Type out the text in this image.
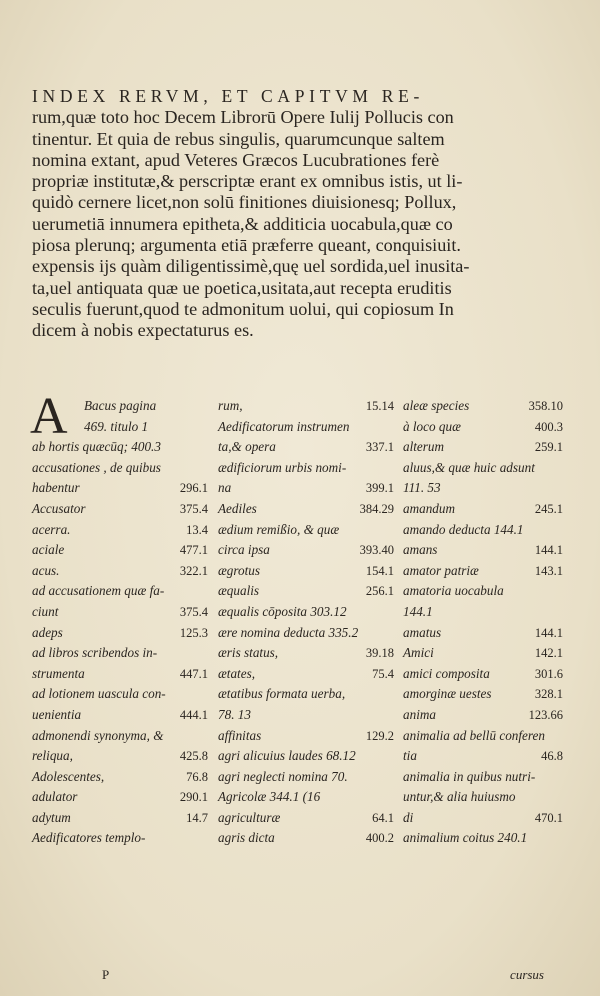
INDEX RERVM, ET CAPITVM RE-
rum,quæ toto hoc Decem Librorū Opere Iulij Pollucis con
tinentur. Et quia de rebus singulis, quarumcunque saltem
nomina extant, apud Veteres Græcos Lucubrationes ferè
propriæ institutæ,& perscriptæ erant ex omnibus istis, ut li-
quidò cernere licet,non solū finitiones diuisionesq; Pollux,
uerumetiā innumera epitheta,& additicia uocabula,quæ co
piosa plerunq; argumenta etiā præferre queant, conquisiuit.
expensis ijs quàm diligentissimè,quę uel sordida,uel inusita-
ta,uel antiquata quæ ue poetica,usitata,aut recepta eruditis
seculis fuerunt,quod te admonitum uolui, qui copiosum In
dicem à nobis expectaturus es.
A Bacus pagina
469. titulo 1
ab hortis quæcūq; 400.3
accusationes , de quibus
habentur	296.1
Accusator	375.4
acerra.	13.4
aciale	477.1
acus.	322.1
ad accusationem quæ fa-
ciunt	375.4
adeps	125.3
ad libros scribendos in-
strumenta	447.1
ad lotionem uascula con-
uenientia	444.1
admonendi synonyma, &
reliqua,	425.8
Adolescentes,	76.8
adulator	290.1
adytum	14.7
Aedificatores templo-
rum,	15.14
Aedificatorum instrumen
ta,& opera	337.1
ædificiorum urbis nomi-
na	399.1
Aediles	384.29
ædium remißio, & quæ
circa ipsa	393.40
ægrotus	154.1
æqualis	256.1
æqualis cōposita 303.12
ære nomina deducta 335.2
æris status,	39.18
ætates,	75.4
ætatibus formata uerba,
78. 13
affinitas	129.2
agri alicuius laudes 68.12
agri neglecti nomina 70.
Agricolæ 344.1 (16
agriculturæ	64.1
agris dicta	400.2
aleæ species	358.10
à loco quæ	400.3
alterum	259.1
aluus,& quæ huic adsunt
111. 53
amandum	245.1
amando deducta 144.1
amans	144.1
amator patriæ	143.1
amatoria uocabula
144.1
amatus	144.1
Amici	142.1
amici composita	301.6
amorginæ uestes	328.1
anima	123.66
animalia ad bellū conferen
tia	46.8
animalia in quibus nutri-
untur,& alia huiusmo
di	470.1
animalium coitus 240.1
P	cursus
